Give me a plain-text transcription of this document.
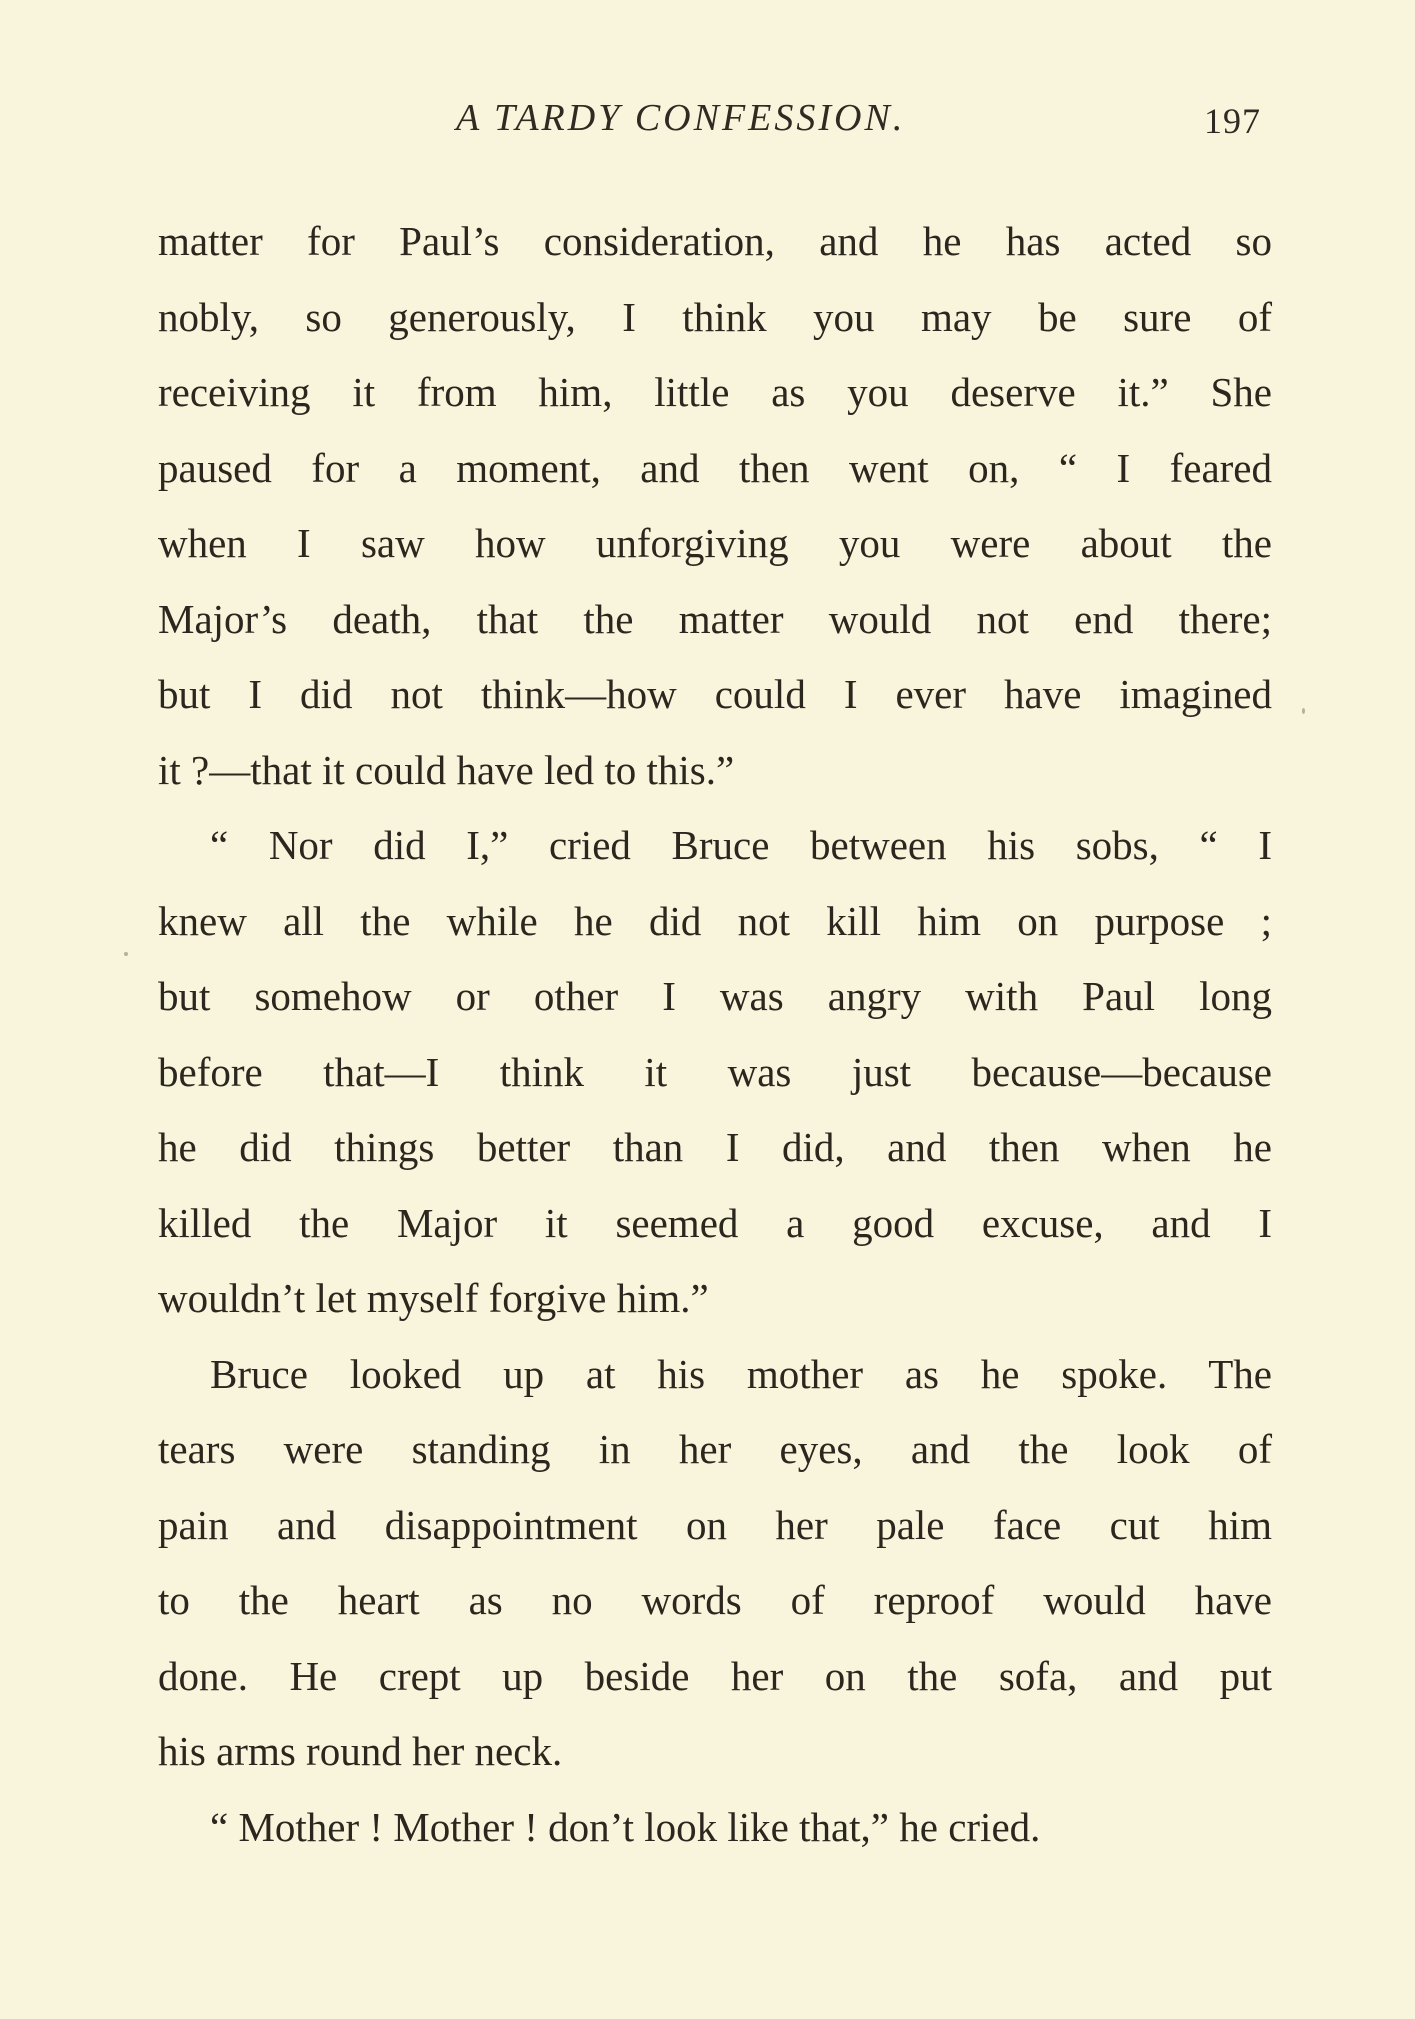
A TARDY CONFESSION.	197
matter for Paul’s consideration, and he has acted so
nobly, so generously, I think you may be sure of
receiving it from him, little as you deserve it.” She
paused for a moment, and then went on, “ I feared
when I saw how unforgiving you were about the
Major’s death, that the matter would not end there;
but I did not think—how could I ever have imagined
it ?—that it could have led to this.”
“ Nor did I,” cried Bruce between his sobs, “ I
knew all the while he did not kill him on purpose ;
but somehow or other I was angry with Paul long
before that—I think it was just because—because
he did things better than I did, and then when he
killed the Major it seemed a good excuse, and I
wouldn’t let myself forgive him.”
Bruce looked up at his mother as he spoke. The
tears were standing in her eyes, and the look of
pain and disappointment on her pale face cut him
to the heart as no words of reproof would have
done. He crept up beside her on the sofa, and put
his arms round her neck.
“ Mother ! Mother ! don’t look like that,” he cried.
